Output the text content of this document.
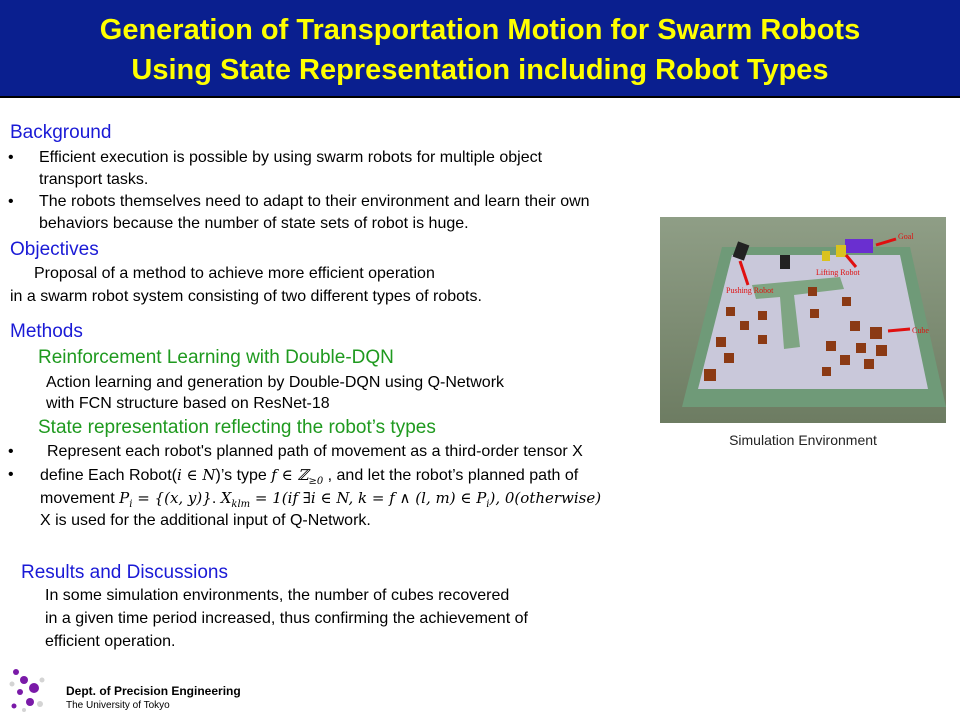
Generation of Transportation Motion for Swarm Robots
Using State Representation including Robot Types
Background
• Efficient execution is possible by using swarm robots for multiple object
transport tasks.
• The robots themselves need to adapt to their environment and learn their own
behaviors because the number of state sets of robot is huge.
Objectives
Proposal of a method to achieve more efficient operation
in a swarm robot system consisting of two different types of robots.
Methods
Reinforcement Learning with Double-DQN
Action learning and generation by Double-DQN using Q-Network
with FCN structure based on ResNet-18
State representation reflecting the robot’s types
• Represent each robot's planned path of movement as a third-order tensor X
• define Each Robot(i ∈ N)’s type f ∈ ℤ$_{\ge 0}$ , and let the robot’s planned path of
movement $P_i = \{(x$, y)}. $X_{klm} = 1(if$ ∃i ∈ N, k = f ∧ (l, m) ∈ $P_i$), 0(otherwise)
X is used for the additional input of Q-Network.
Results and Discussions
In some simulation environments, the number of cubes recovered
in a given time period increased, thus confirming the achievement of
efficient operation.
Goal
Lifting Robot
Pushing Robot
Cube
Simulation Environment
Dept. of Precision Engineering
The University of Tokyo
